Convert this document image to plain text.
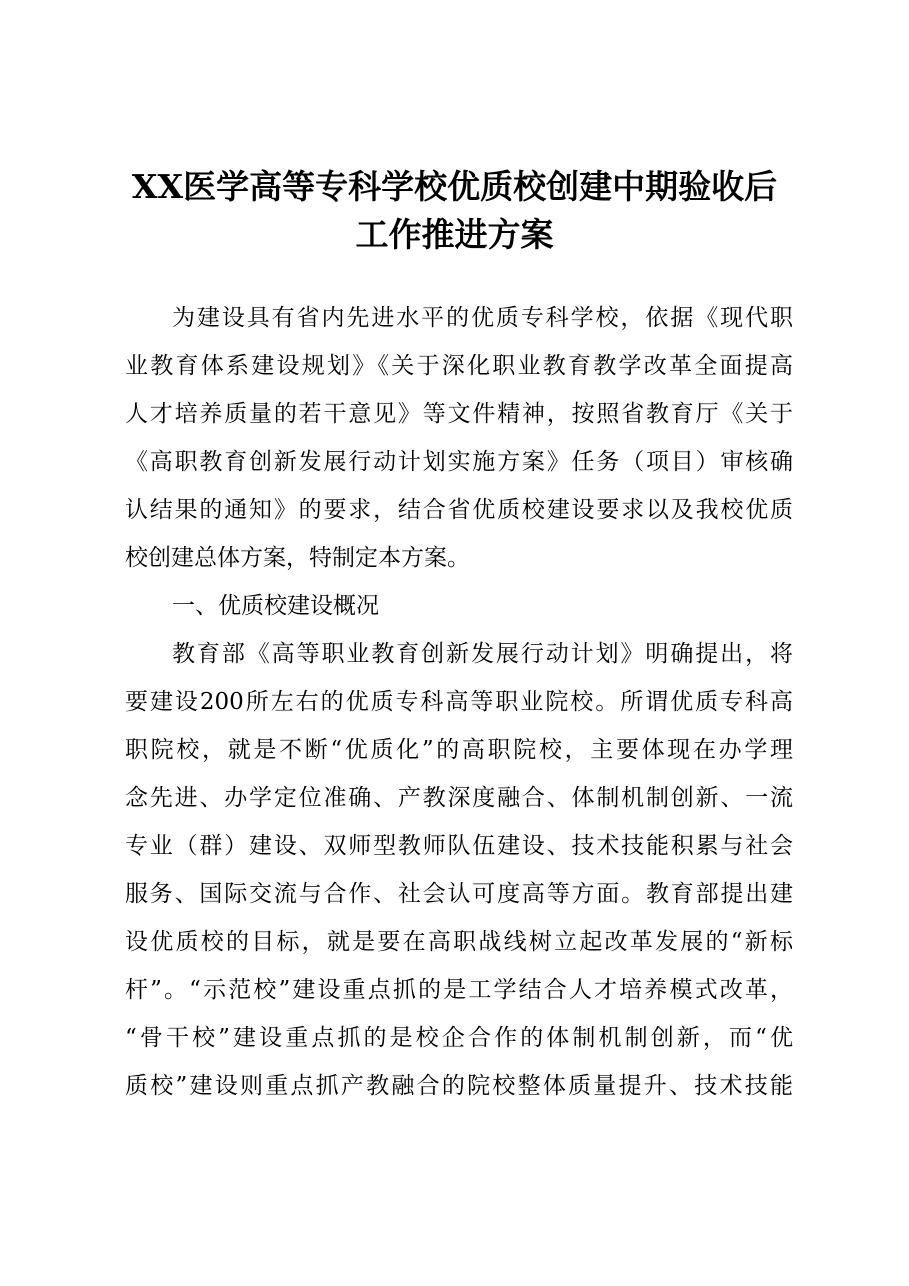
XX医学高等专科学校优质校创建中期验收后
工作推进方案
为建设具有省内先进水平的优质专科学校，依据《现代职
业教育体系建设规划》《关于深化职业教育教学改革全面提高
人才培养质量的若干意见》等文件精神，按照省教育厅《关于
《高职教育创新发展行动计划实施方案》任务（项目）审核确
认结果的通知》的要求，结合省优质校建设要求以及我校优质
校创建总体方案，特制定本方案。
一、优质校建设概况
教育部《高等职业教育创新发展行动计划》明确提出，将
要建设200所左右的优质专科高等职业院校。所谓优质专科高
职院校，就是不断“优质化”的高职院校，主要体现在办学理
念先进、办学定位准确、产教深度融合、体制机制创新、一流
专业（群）建设、双师型教师队伍建设、技术技能积累与社会
服务、国际交流与合作、社会认可度高等方面。教育部提出建
设优质校的目标，就是要在高职战线树立起改革发展的“新标
杆”。“示范校”建设重点抓的是工学结合人才培养模式改革，
“骨干校”建设重点抓的是校企合作的体制机制创新，而“优
质校”建设则重点抓产教融合的院校整体质量提升、技术技能
